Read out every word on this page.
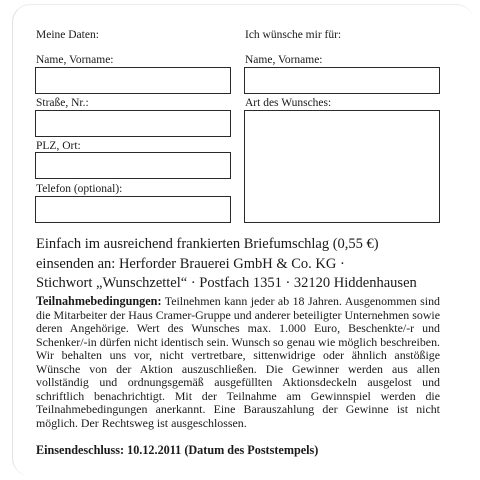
Meine Daten:
Name, Vorname:
Straße, Nr.:
PLZ, Ort:
Telefon (optional):
Ich wünsche mir für:
Name, Vorname:
Art des Wunsches:
Einfach im ausreichend frankierten Briefumschlag (0,55 €)
einsenden an: Herforder Brauerei GmbH & Co. KG ·
Stichwort „Wunschzettel“ · Postfach 1351 · 32120 Hiddenhausen
Teilnahmebedingungen: Teilnehmen kann jeder ab 18 Jahren. Ausgenommen sind die Mitarbeiter der Haus Cramer-Gruppe und anderer beteiligter Unternehmen sowie deren Angehörige. Wert des Wunsches max. 1.000 Euro, Beschenkte/-r und Schenker/-in dürfen nicht identisch sein. Wunsch so genau wie möglich beschreiben. Wir behalten uns vor, nicht vertretbare, sittenwidrige oder ähnlich anstößige Wünsche von der Aktion auszuschließen. Die Gewinner werden aus allen vollständig und ordnungsgemäß ausgefüllten Aktionsdeckeln ausgelost und schriftlich benachrichtigt. Mit der Teilnahme am Gewinnspiel werden die Teilnahmebedingungen anerkannt. Eine Barauszahlung der Gewinne ist nicht möglich. Der Rechtsweg ist ausgeschlossen.
Einsendeschluss: 10.12.2011 (Datum des Poststempels)
